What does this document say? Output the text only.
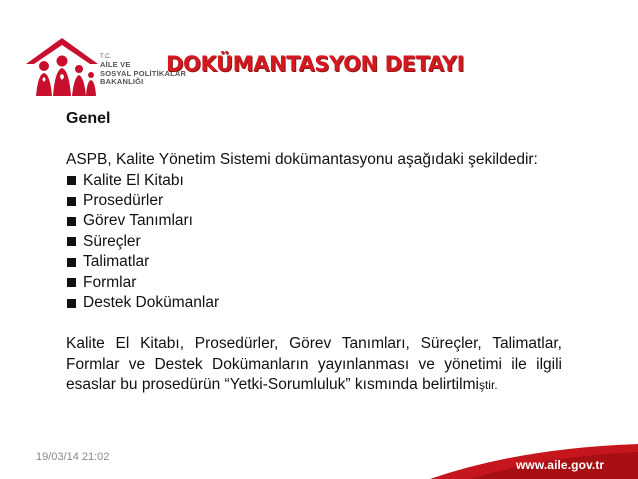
T.C.
AİLE VE
SOSYAL POLİTİKALAR
BAKANLIĞI
DOKÜMANTASYON DETAYI

Genel

ASPB, Kalite Yönetim Sistemi dokümantasyonu aşağıdaki şekildedir:
Kalite El Kitabı
Prosedürler
Görev Tanımları
Süreçler
Talimatlar
Formlar
Destek Dokümanlar
Kalite El Kitabı, Prosedürler, Görev Tanımları, Süreçler, Talimatlar, Formlar ve Destek Dokümanların yayınlanması ve yönetimi ile ilgili esaslar bu prosedürün “Yetki-Sorumluluk” kısmında belirtilmiştir.
19/03/14 21:02
www.aile.gov.tr
